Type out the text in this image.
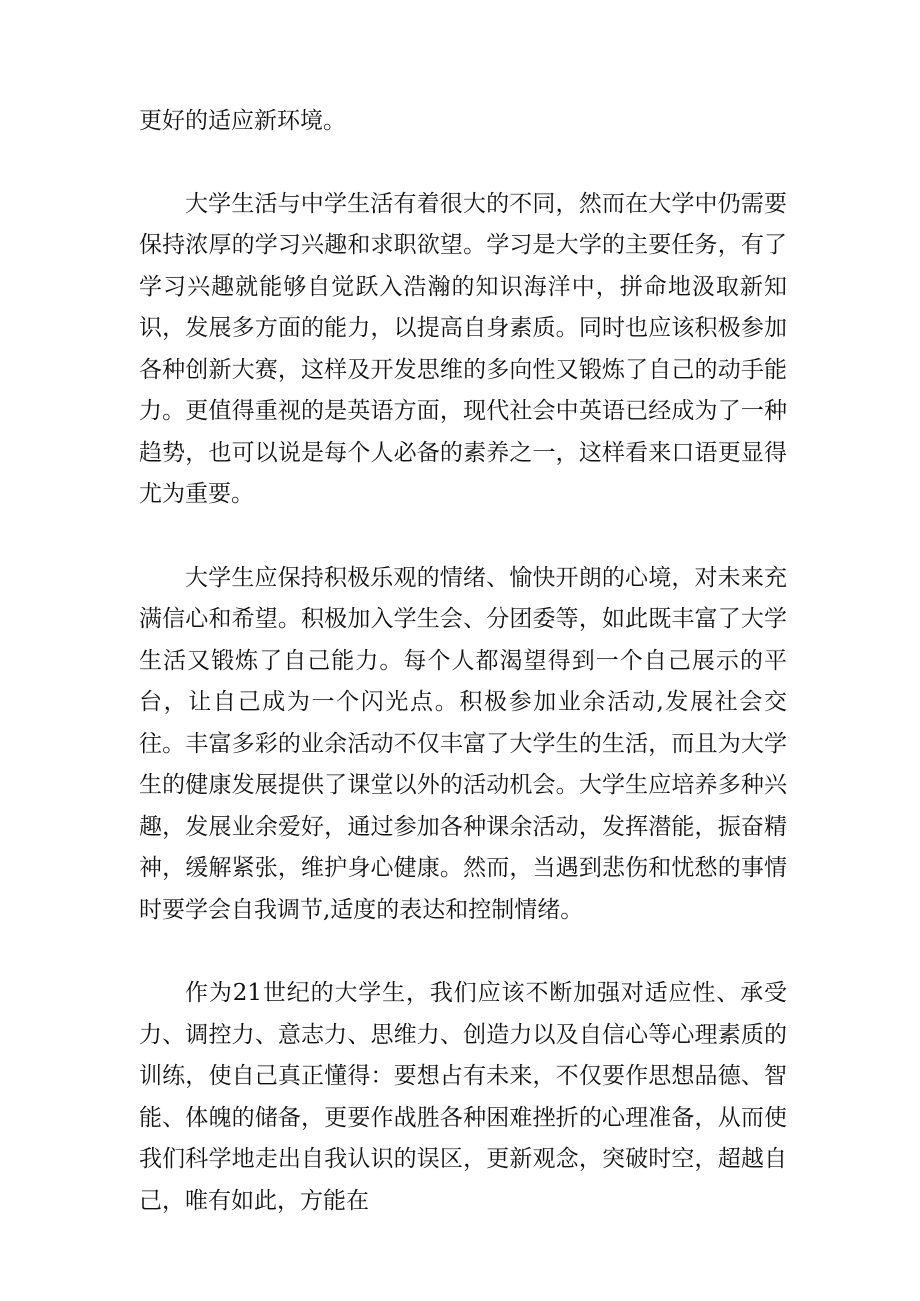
更好的适应新环境。

大学生活与中学生活有着很大的不同，然而在大学中仍需要保持浓厚的学习兴趣和求职欲望。学习是大学的主要任务，有了学习兴趣就能够自觉跃入浩瀚的知识海洋中，拼命地汲取新知识，发展多方面的能力，以提高自身素质。同时也应该积极参加各种创新大赛，这样及开发思维的多向性又锻炼了自己的动手能力。更值得重视的是英语方面，现代社会中英语已经成为了一种趋势，也可以说是每个人必备的素养之一，这样看来口语更显得尤为重要。

大学生应保持积极乐观的情绪、愉快开朗的心境，对未来充满信心和希望。积极加入学生会、分团委等，如此既丰富了大学生活又锻炼了自己能力。每个人都渴望得到一个自己展示的平台，让自己成为一个闪光点。积极参加业余活动,发展社会交往。丰富多彩的业余活动不仅丰富了大学生的生活，而且为大学生的健康发展提供了课堂以外的活动机会。大学生应培养多种兴趣，发展业余爱好，通过参加各种课余活动，发挥潜能，振奋精神，缓解紧张，维护身心健康。然而，当遇到悲伤和忧愁的事情时要学会自我调节,适度的表达和控制情绪。

作为21世纪的大学生，我们应该不断加强对适应性、承受力、调控力、意志力、思维力、创造力以及自信心等心理素质的训练，使自己真正懂得：要想占有未来，不仅要作思想品德、智能、体魄的储备，更要作战胜各种困难挫折的心理准备，从而使我们科学地走出自我认识的误区，更新观念，突破时空，超越自己，唯有如此，方能在
